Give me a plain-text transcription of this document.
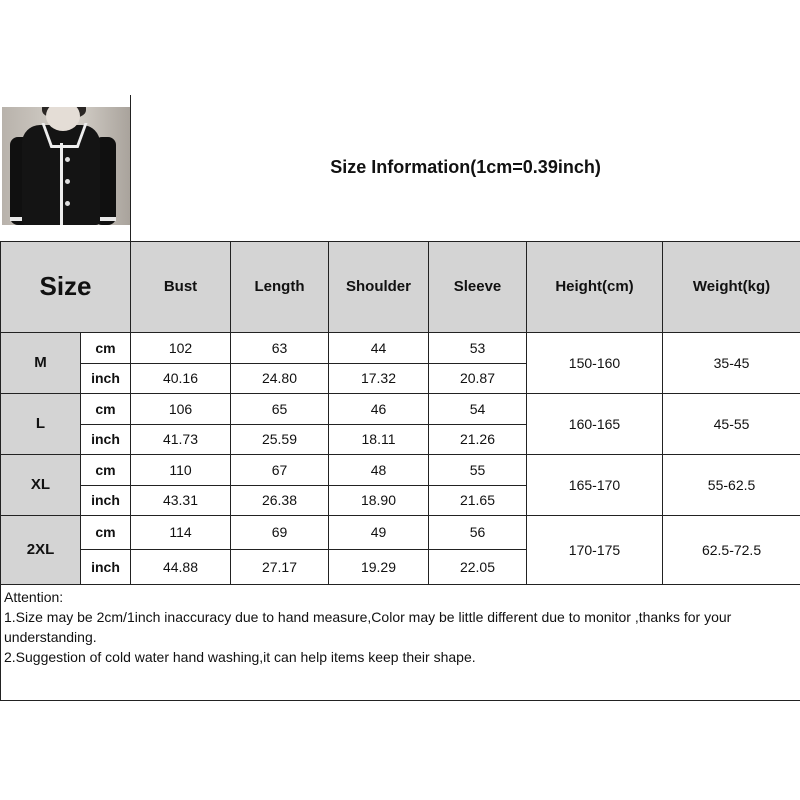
		Size Information(1cm=0.39inch)					
Size		Bust	Length	Shoulder	Sleeve	Height(cm)	Weight(kg)
M	cm	102	63	44	53	150-160	35-45
	inch	40.16	24.80	17.32	20.87		
L	cm	106	65	46	54	160-165	45-55
	inch	41.73	25.59	18.11	21.26		
XL	cm	110	67	48	55	165-170	55-62.5
	inch	43.31	26.38	18.90	21.65		
2XL	cm	114	69	49	56	170-175	62.5-72.5
	inch	44.88	27.17	19.29	22.05		

Attention:
1.Size may be 2cm/1inch inaccuracy due to hand measure,Color may be little different due to monitor ,thanks for your understanding.
2.Suggestion of cold water hand washing,it can help items keep their shape.							
